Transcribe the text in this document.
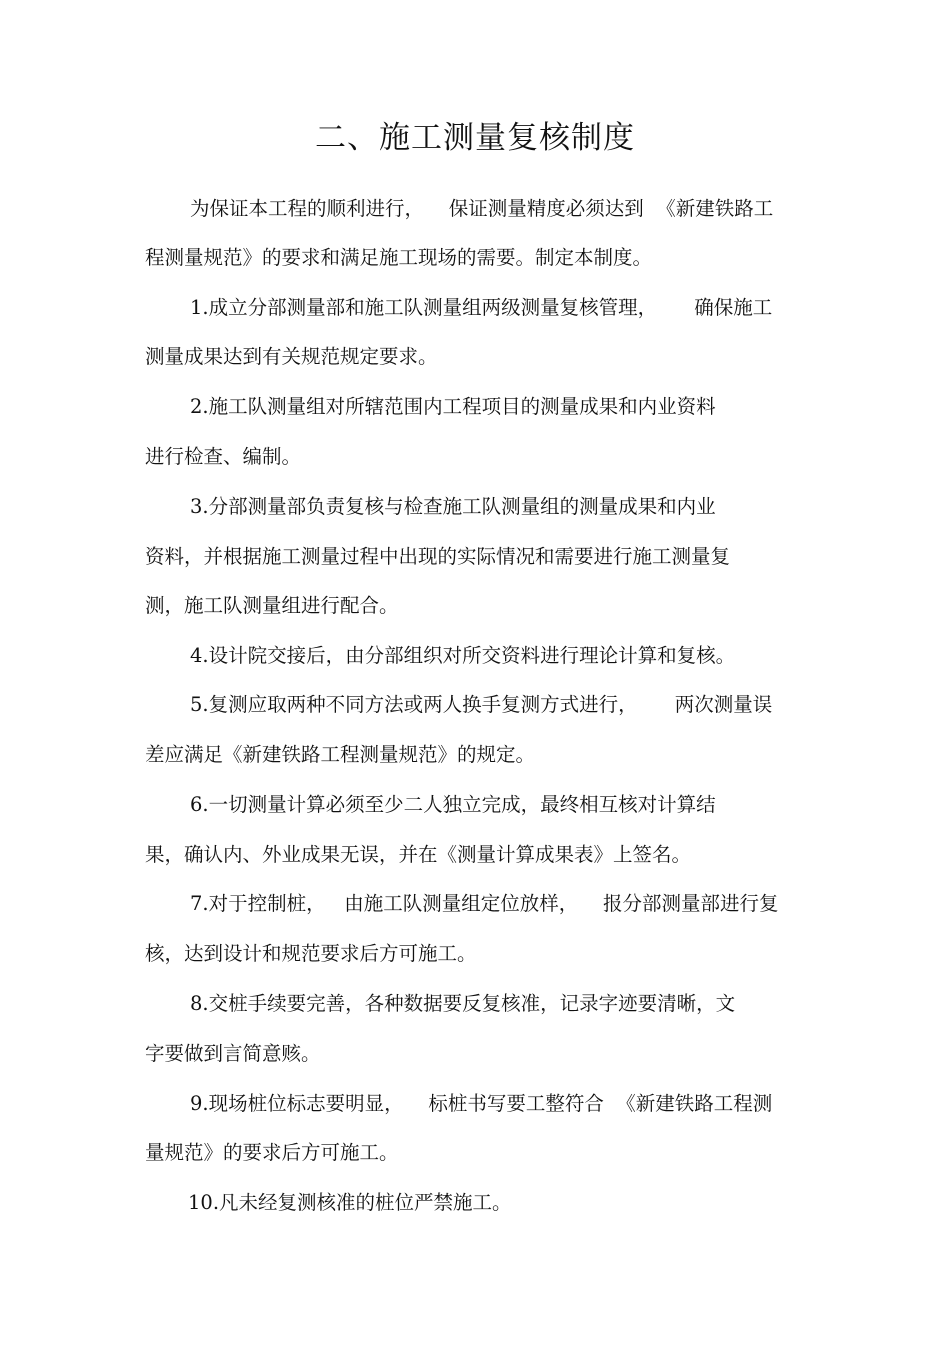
二、施工测量复核制度
为保证本工程的顺利进行，    保证测量精度必须达到  《新建铁路工
程测量规范》的要求和满足施工现场的需要。制定本制度。
1.成立分部测量部和施工队测量组两级测量复核管理，      确保施工
测量成果达到有关规范规定要求。
2.施工队测量组对所辖范围内工程项目的测量成果和内业资料
进行检查、编制。
3.分部测量部负责复核与检查施工队测量组的测量成果和内业
资料，并根据施工测量过程中出现的实际情况和需要进行施工测量复
测，施工队测量组进行配合。
4.设计院交接后，由分部组织对所交资料进行理论计算和复核。
5.复测应取两种不同方法或两人换手复测方式进行，      两次测量误
差应满足《新建铁路工程测量规范》的规定。
6.一切测量计算必须至少二人独立完成，最终相互核对计算结
果，确认内、外业成果无误，并在《测量计算成果表》上签名。
7.对于控制桩，   由施工队测量组定位放样，    报分部测量部进行复
核，达到设计和规范要求后方可施工。
8.交桩手续要完善，各种数据要反复核准，记录字迹要清晰，文
字要做到言简意赅。
9.现场桩位标志要明显，    标桩书写要工整符合  《新建铁路工程测
量规范》的要求后方可施工。
10.凡未经复测核准的桩位严禁施工。
